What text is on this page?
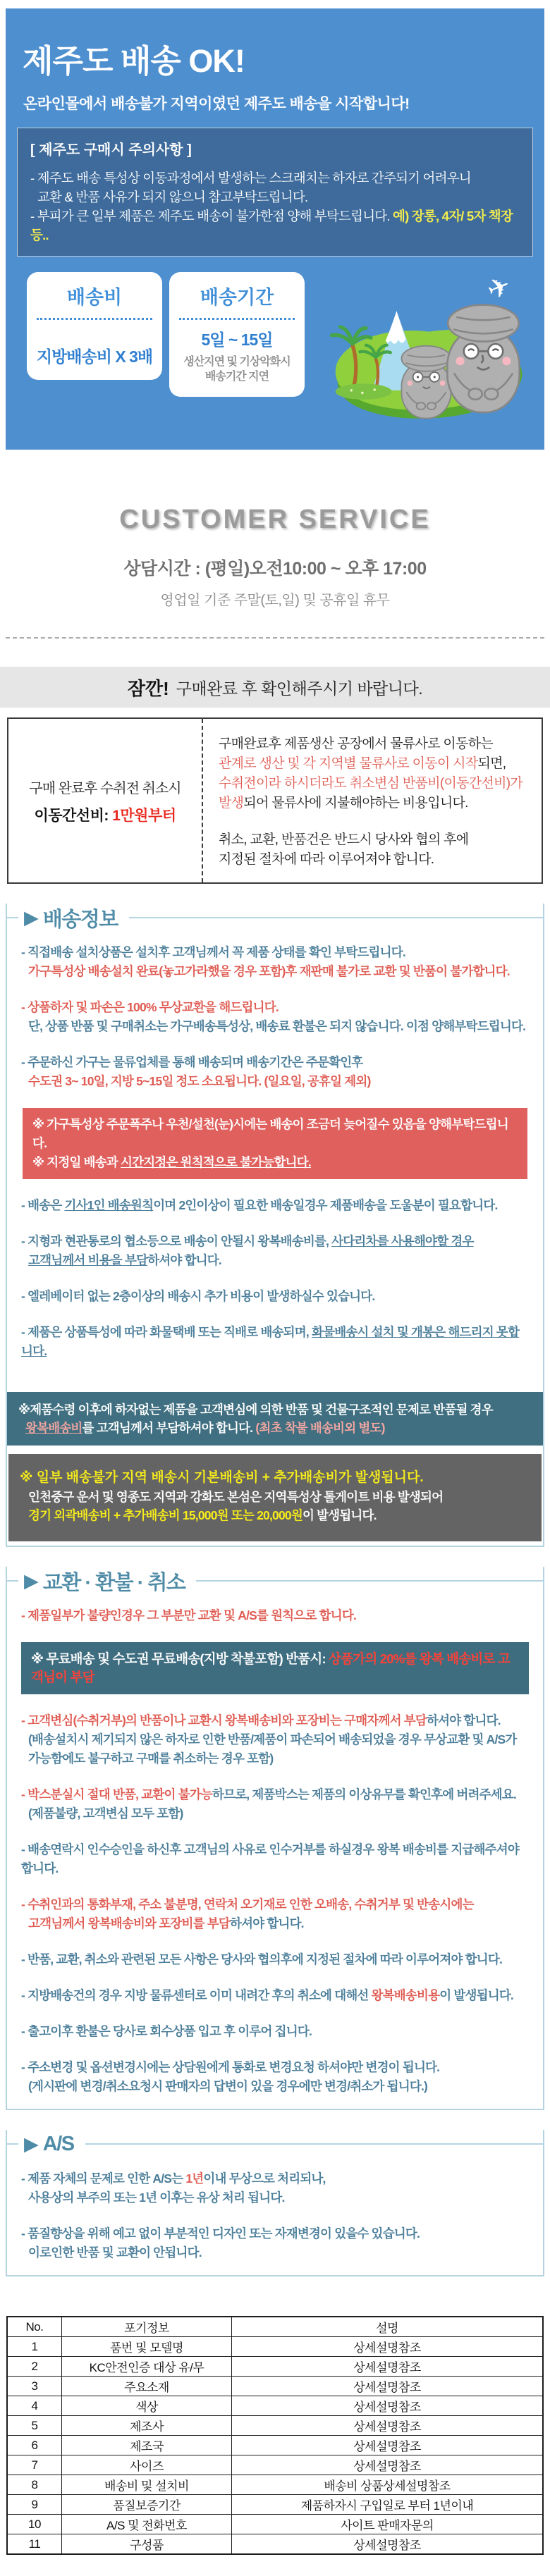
제주도 배송 OK!
온라인몰에서 배송불가 지역이였던 제주도 배송을 시작합니다!
[ 제주도 구매시 주의사항 ]
- 제주도 배송 특성상 이동과정에서 발생하는 스크래치는 하자로 간주되기 어려우니
교환 & 반품 사유가 되지 않으니 참고부탁드립니다.
- 부피가 큰 일부 제품은 제주도 배송이 불가한점 양해 부탁드립니다. 예) 장롱, 4자/ 5자 책장 등..
배송비
지방배송비 X 3배
배송기간
5일 ~ 15일
생산지연 및 기상악화시
배송기간 지연
✈
CUSTOMER SERVICE
상담시간 : (평일)오전10:00 ~ 오후 17:00
영업일 기준 주말(토,일) 및 공휴일 휴무
잠깐! 구매완료 후 확인해주시기 바랍니다.
구매 완료후 수취전 취소시
이동간선비: 1만원부터
구매완료후 제품생산 공장에서 물류사로 이동하는
관계로 생산 및 각 지역별 물류사로 이동이 시작되면,
수취전이라 하시더라도 취소변심 반품비(이동간선비)가
발생되어 물류사에 지불해야하는 비용입니다.
취소, 교환, 반품건은 반드시 당사와 협의 후에
지정된 절차에 따라 이루어져야 합니다.
▶ 배송정보
- 직접배송 설치상품은 설치후 고객님께서 꼭 제품 상태를 확인 부탁드립니다.
가구특성상 배송설치 완료(놓고가라했을 경우 포함)후 재판매 불가로 교환 및 반품이 불가합니다.
- 상품하자 및 파손은 100% 무상교환을 해드립니다.
단, 상품 반품 및 구매취소는 가구배송특성상, 배송료 환불은 되지 않습니다. 이점 양해부탁드립니다.
- 주문하신 가구는 물류업체를 통해 배송되며 배송기간은 주문확인후
수도권 3~ 10일, 지방 5~15일 정도 소요됩니다. (일요일, 공휴일 제외)
※ 가구특성상 주문폭주나 우천/설천(눈)시에는 배송이 조금더 늦어질수 있음을 양해부탁드립니다.
※ 지정일 배송과 시간지정은 원칙적으로 불가능합니다.
- 배송은 기사1인 배송원칙이며 2인이상이 필요한 배송일경우 제품배송을 도울분이 필요합니다.
- 지형과 현관통로의 협소등으로 배송이 안될시 왕복배송비를, 사다리차를 사용해야할 경우
고객님께서 비용을 부담하셔야 합니다.
- 엘레베이터 없는 2층이상의 배송시 추가 비용이 발생하실수 있습니다.
- 제품은 상품특성에 따라 화물택배 또는 직배로 배송되며, 화물배송시 설치 및 개봉은 해드리지 못합니다.
※제품수령 이후에 하자없는 제품을 고객변심에 의한 반품 및 건물구조적인 문제로 반품될 경우
왕복배송비를 고객님께서 부담하셔야 합니다. (최초 착불 배송비외 별도)
※ 일부 배송불가 지역 배송시 기본배송비 + 추가배송비가 발생됩니다.
인천중구 운서 및 영종도 지역과 강화도 본섬은 지역특성상 톨게이트 비용 발생되어
경기 외곽배송비 + 추가배송비 15,000원 또는 20,000원이 발생됩니다.
▶ 교환 · 환불 · 취소
- 제품일부가 불량인경우 그 부분만 교환 및 A/S를 원칙으로 합니다.
※ 무료배송 및 수도권 무료배송(지방 착불포함) 반품시: 상품가의 20%를 왕복 배송비로 고객님이 부담
- 고객변심(수취거부)의 반품이나 교환시 왕복배송비와 포장비는 구매자께서 부담하셔야 합니다.
(배송설치시 제기되지 않은 하자로 인한 반품/제품이 파손되어 배송되었을 경우 무상교환 및 A/S가
가능함에도 불구하고 구매를 취소하는 경우 포함)
- 박스분실시 절대 반품, 교환이 불가능하므로, 제품박스는 제품의 이상유무를 확인후에 버려주세요.
(제품불량, 고객변심 모두 포함)
- 배송연락시 인수승인을 하신후 고객님의 사유로 인수거부를 하실경우 왕복 배송비를 지급해주셔야 합니다.
- 수취인과의 통화부재, 주소 불분명, 연락처 오기재로 인한 오배송, 수취거부 및 반송시에는
고객님께서 왕복배송비와 포장비를 부담하셔야 합니다.
- 반품, 교환, 취소와 관련된 모든 사항은 당사와 협의후에 지정된 절차에 따라 이루어져야 합니다.
- 지방배송건의 경우 지방 물류센터로 이미 내려간 후의 취소에 대해선 왕복배송비용이 발생됩니다.
- 출고이후 환불은 당사로 회수상품 입고 후 이루어 집니다.
- 주소변경 및 옵션변경시에는 상담원에게 통화로 변경요청 하셔야만 변경이 됩니다.
(게시판에 변경/취소요청시 판매자의 답변이 있을 경우에만 변경/취소가 됩니다.)
▶ A/S
- 제품 자체의 문제로 인한 A/S는 1년이내 무상으로 처리되나,
사용상의 부주의 또는 1년 이후는 유상 처리 됩니다.
- 품질향상을 위해 예고 없이 부분적인 디자인 또는 자재변경이 있을수 있습니다.
이로인한 반품 및 교환이 안됩니다.
No.	포기정보	설명
1	품번 및 모델명	상세설명참조
2	KC안전인증 대상 유/무	상세설명참조
3	주요소재	상세설명참조
4	색상	상세설명참조
5	제조사	상세설명참조
6	제조국	상세설명참조
7	사이즈	상세설명참조
8	배송비 및 설치비	배송비 상품상세설명참조
9	품질보증기간	제품하자시 구입일로 부터 1년이내
10	A/S 및 전화번호	사이트 판매자문의
11	구성품	상세설명참조
